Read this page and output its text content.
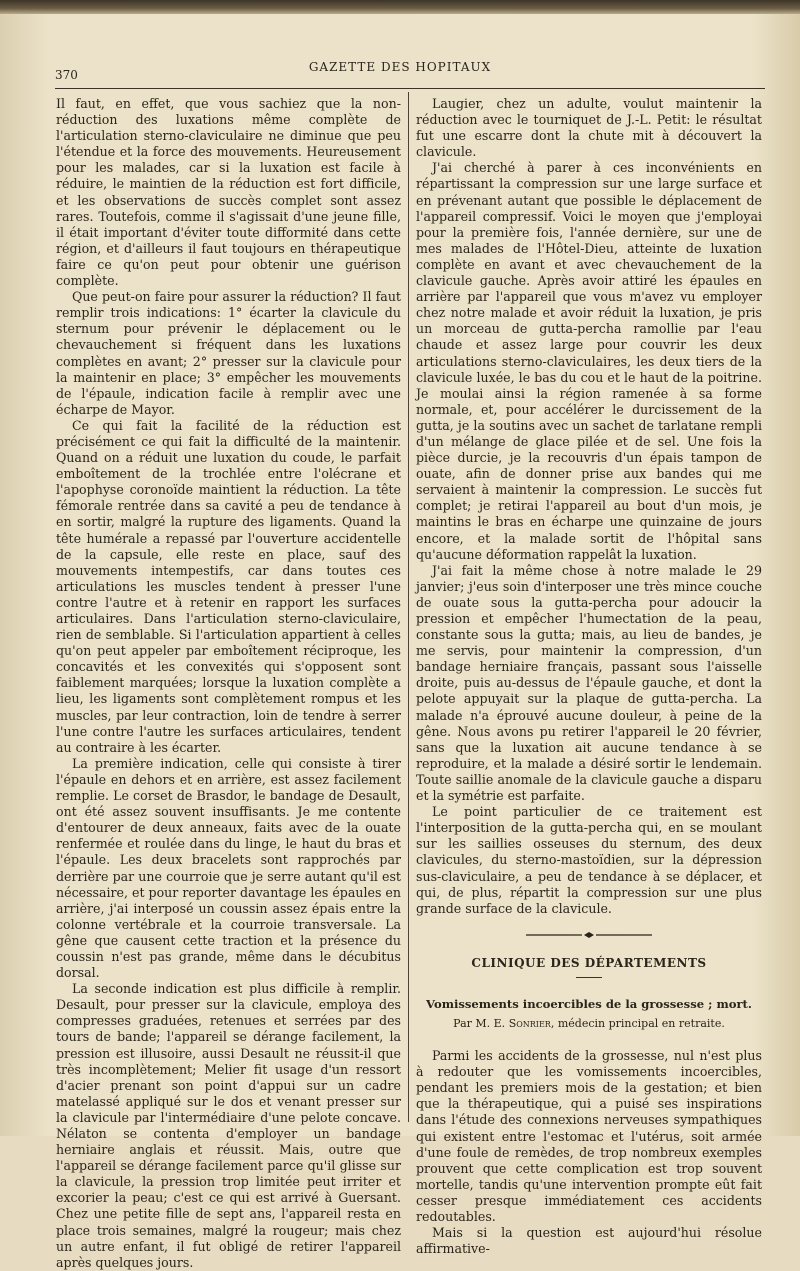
370
GAZETTE DES HOPITAUX

Il faut, en effet, que vous sachiez que la non-réduction des luxations même complète de l'articulation sterno-claviculaire ne diminue que peu l'étendue et la force des mouvements. Heureusement pour les malades, car si la luxation est facile à réduire, le maintien de la réduction est fort difficile, et les observations de succès complet sont assez rares. Toutefois, comme il s'agissait d'une jeune fille, il était important d'éviter toute difformité dans cette région, et d'ailleurs il faut toujours en thérapeutique faire ce qu'on peut pour obtenir une guérison complète.

Que peut-on faire pour assurer la réduction? Il faut remplir trois indications: 1° écarter la clavicule du sternum pour prévenir le déplacement ou le chevauchement si fréquent dans les luxations complètes en avant; 2° presser sur la clavicule pour la maintenir en place; 3° empêcher les mouvements de l'épaule, indication facile à remplir avec une écharpe de Mayor.

Ce qui fait la facilité de la réduction est précisément ce qui fait la difficulté de la maintenir. Quand on a réduit une luxation du coude, le parfait emboîtement de la trochlée entre l'olécrane et l'apophyse coronoïde maintient la réduction. La tête fémorale rentrée dans sa cavité a peu de tendance à en sortir, malgré la rupture des ligaments. Quand la tête humérale a repassé par l'ouverture accidentelle de la capsule, elle reste en place, sauf des mouvements intempestifs, car dans toutes ces articulations les muscles tendent à presser l'une contre l'autre et à retenir en rapport les surfaces articulaires. Dans l'articulation sterno-claviculaire, rien de semblable. Si l'articulation appartient à celles qu'on peut appeler par emboîtement réciproque, les concavités et les convexités qui s'opposent sont faiblement marquées; lorsque la luxation complète a lieu, les ligaments sont complètement rompus et les muscles, par leur contraction, loin de tendre à serrer l'une contre l'autre les surfaces articulaires, tendent au contraire à les écarter.

La première indication, celle qui consiste à tirer l'épaule en dehors et en arrière, est assez facilement remplie. Le corset de Brasdor, le bandage de Desault, ont été assez souvent insuffisants. Je me contente d'entourer de deux anneaux, faits avec de la ouate renfermée et roulée dans du linge, le haut du bras et l'épaule. Les deux bracelets sont rapprochés par derrière par une courroie que je serre autant qu'il est nécessaire, et pour reporter davantage les épaules en arrière, j'ai interposé un coussin assez épais entre la colonne vertébrale et la courroie transversale. La gêne que causent cette traction et la présence du coussin n'est pas grande, même dans le décubitus dorsal.

La seconde indication est plus difficile à remplir. Desault, pour presser sur la clavicule, employa des compresses graduées, retenues et serrées par des tours de bande; l'appareil se dérange facilement, la pression est illusoire, aussi Desault ne réussit-il que très incomplètement; Melier fit usage d'un ressort d'acier prenant son point d'appui sur un cadre matelassé appliqué sur le dos et venant presser sur la clavicule par l'intermédiaire d'une pelote concave. Nélaton se contenta d'employer un bandage herniaire anglais et réussit. Mais, outre que l'appareil se dérange facilement parce qu'il glisse sur la clavicule, la pression trop limitée peut irriter et excorier la peau; c'est ce qui est arrivé à Guersant. Chez une petite fille de sept ans, l'appareil resta en place trois semaines, malgré la rougeur; mais chez un autre enfant, il fut obligé de retirer l'appareil après quelques jours.

Laugier, chez un adulte, voulut maintenir la réduction avec le tourniquet de J.-L. Petit: le résultat fut une escarre dont la chute mit à découvert la clavicule.

J'ai cherché à parer à ces inconvénients en répartissant la compression sur une large surface et en prévenant autant que possible le déplacement de l'appareil compressif. Voici le moyen que j'employai pour la première fois, l'année dernière, sur une de mes malades de l'Hôtel-Dieu, atteinte de luxation complète en avant et avec chevauchement de la clavicule gauche. Après avoir attiré les épaules en arrière par l'appareil que vous m'avez vu employer chez notre malade et avoir réduit la luxation, je pris un morceau de gutta-percha ramollie par l'eau chaude et assez large pour couvrir les deux articulations sterno-claviculaires, les deux tiers de la clavicule luxée, le bas du cou et le haut de la poitrine. Je moulai ainsi la région ramenée à sa forme normale, et, pour accélérer le durcissement de la gutta, je la soutins avec un sachet de tarlatane rempli d'un mélange de glace pilée et de sel. Une fois la pièce durcie, je la recouvris d'un épais tampon de ouate, afin de donner prise aux bandes qui me servaient à maintenir la compression. Le succès fut complet; je retirai l'appareil au bout d'un mois, je maintins le bras en écharpe une quinzaine de jours encore, et la malade sortit de l'hôpital sans qu'aucune déformation rappelât la luxation.

J'ai fait la même chose à notre malade le 29 janvier; j'eus soin d'interposer une très mince couche de ouate sous la gutta-percha pour adoucir la pression et empêcher l'humectation de la peau, constante sous la gutta; mais, au lieu de bandes, je me servis, pour maintenir la compression, d'un bandage herniaire français, passant sous l'aisselle droite, puis au-dessus de l'épaule gauche, et dont la pelote appuyait sur la plaque de gutta-percha. La malade n'a éprouvé aucune douleur, à peine de la gêne. Nous avons pu retirer l'appareil le 20 février, sans que la luxation ait aucune tendance à se reproduire, et la malade a désiré sortir le lendemain. Toute saillie anomale de la clavicule gauche a disparu et la symétrie est parfaite.

Le point particulier de ce traitement est l'interposition de la gutta-percha qui, en se moulant sur les saillies osseuses du sternum, des deux clavicules, du sterno-mastoïdien, sur la dépression sus-claviculaire, a peu de tendance à se déplacer, et qui, de plus, répartit la compression sur une plus grande surface de la clavicule.

CLINIQUE DES DÉPARTEMENTS
Vomissements incoercibles de la grossesse ; mort.
Par M. E. Sonrier, médecin principal en retraite.

Parmi les accidents de la grossesse, nul n'est plus à redouter que les vomissements incoercibles, pendant les premiers mois de la gestation; et bien que la thérapeutique, qui a puisé ses inspirations dans l'étude des connexions nerveuses sympathiques qui existent entre l'estomac et l'utérus, soit armée d'une foule de remèdes, de trop nombreux exemples prouvent que cette complication est trop souvent mortelle, tandis qu'une intervention prompte eût fait cesser presque immédiatement ces accidents redoutables.

Mais si la question est aujourd'hui résolue affirmative-
